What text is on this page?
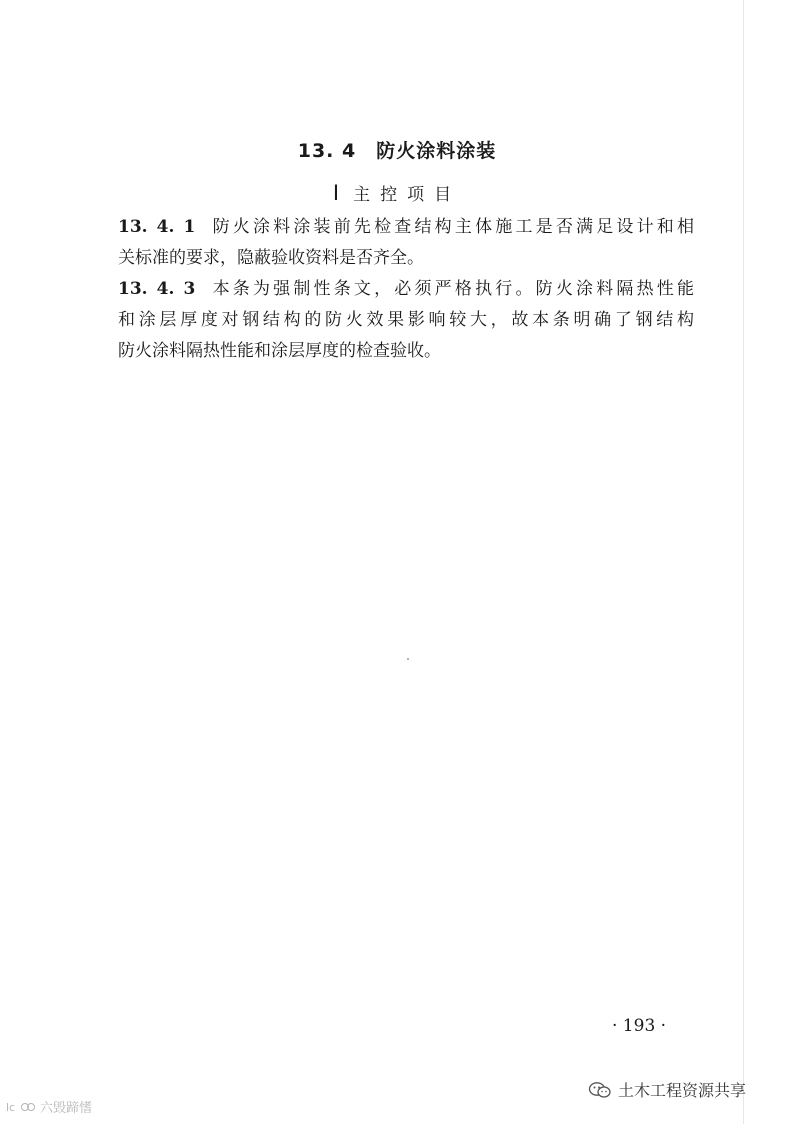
13. 4 防火涂料涂装
Ⅰ 主控项目
13. 4. 1 防火涂料涂装前先检查结构主体施工是否满足设计和相
关标准的要求，隐蔽验收资料是否齐全。
13. 4. 3 本条为强制性条文，必须严格执行。防火涂料隔热性能
和涂层厚度对钢结构的防火效果影响较大，故本条明确了钢结构
防火涂料隔热性能和涂层厚度的检查验收。
· 193 ·
土木工程资源共享
lc 六毁蹄愭
